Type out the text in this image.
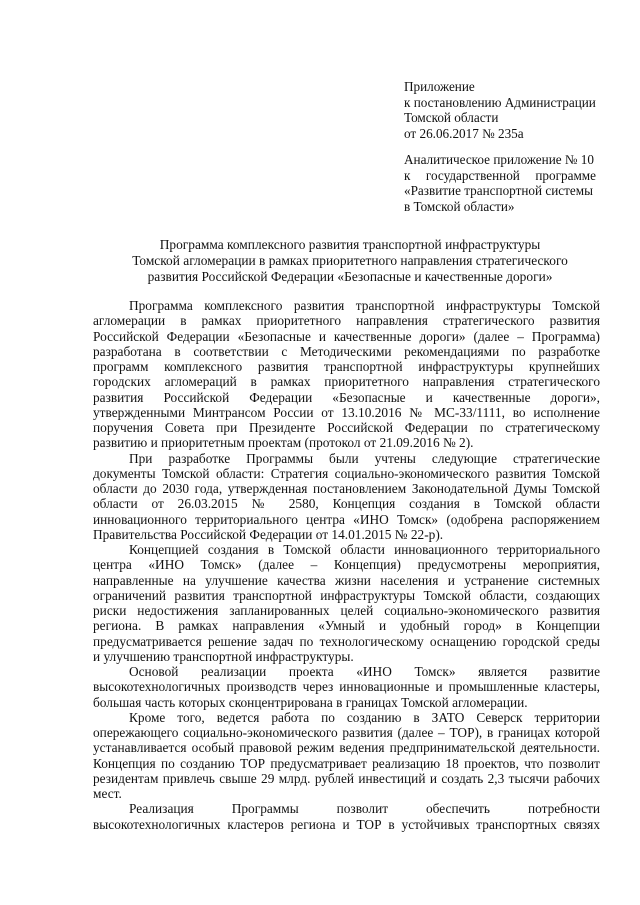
Приложение
к постановлению Администрации
Томской области
от 26.06.2017 № 235а
Аналитическое приложение № 10
к государственной программе
«Развитие транспортной системы
в Томской области»
Программа комплексного развития транспортной инфраструктуры
Томской агломерации в рамках приоритетного направления стратегического
развития Российской Федерации «Безопасные и качественные дороги»
Программа комплексного развития транспортной инфраструктуры Томской
агломерации в рамках приоритетного направления стратегического развития
Российской Федерации «Безопасные и качественные дороги» (далее – Программа)
разработана в соответствии с Методическими рекомендациями по разработке
программ комплексного развития транспортной инфраструктуры крупнейших
городских агломераций в рамках приоритетного направления стратегического
развития Российской Федерации «Безопасные и качественные дороги»,
утвержденными Минтрансом России от 13.10.2016 № МС-33/1111, во исполнение
поручения Совета при Президенте Российской Федерации по стратегическому
развитию и приоритетным проектам (протокол от 21.09.2016 № 2).
При разработке Программы были учтены следующие стратегические
документы Томской области: Стратегия социально-экономического развития Томской
области до 2030 года, утвержденная постановлением Законодательной Думы Томской
области от 26.03.2015 № 2580, Концепция создания в Томской области
инновационного территориального центра «ИНО Томск» (одобрена распоряжением
Правительства Российской Федерации от 14.01.2015 № 22-р).
Концепцией создания в Томской области инновационного территориального
центра «ИНО Томск» (далее – Концепция) предусмотрены мероприятия,
направленные на улучшение качества жизни населения и устранение системных
ограничений развития транспортной инфраструктуры Томской области, создающих
риски недостижения запланированных целей социально-экономического развития
региона. В рамках направления «Умный и удобный город» в Концепции
предусматривается решение задач по технологическому оснащению городской среды
и улучшению транспортной инфраструктуры.
Основой реализации проекта «ИНО Томск» является развитие
высокотехнологичных производств через инновационные и промышленные кластеры,
большая часть которых сконцентрирована в границах Томской агломерации.
Кроме того, ведется работа по созданию в ЗАТО Северск территории
опережающего социально-экономического развития (далее – ТОР), в границах которой
устанавливается особый правовой режим ведения предпринимательской деятельности.
Концепция по созданию ТОР предусматривает реализацию 18 проектов, что позволит
резидентам привлечь свыше 29 млрд. рублей инвестиций и создать 2,3 тысячи рабочих
мест.
Реализация Программы позволит обеспечить потребности
высокотехнологичных кластеров региона и ТОР в устойчивых транспортных связях
